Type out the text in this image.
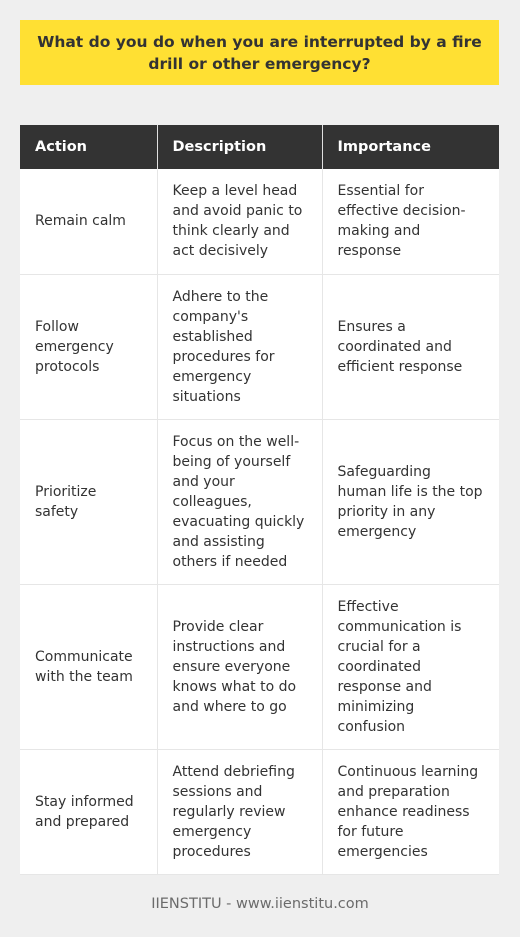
What do you do when you are interrupted by a fire drill or other emergency?
Action	Description	Importance
Remain calm	Keep a level head and avoid panic to think clearly and act decisively	Essential for effective decision-making and response
Follow emergency protocols	Adhere to the company's established procedures for emergency situations	Ensures a coordinated and efficient response
Prioritize safety	Focus on the well-being of yourself and your colleagues, evacuating quickly and assisting others if needed	Safeguarding human life is the top priority in any emergency
Communicate with the team	Provide clear instructions and ensure everyone knows what to do and where to go	Effective communication is crucial for a coordinated response and minimizing confusion
Stay informed and prepared	Attend debriefing sessions and regularly review emergency procedures	Continuous learning and preparation enhance readiness for future emergencies
IIENSTITU - www.iienstitu.com
